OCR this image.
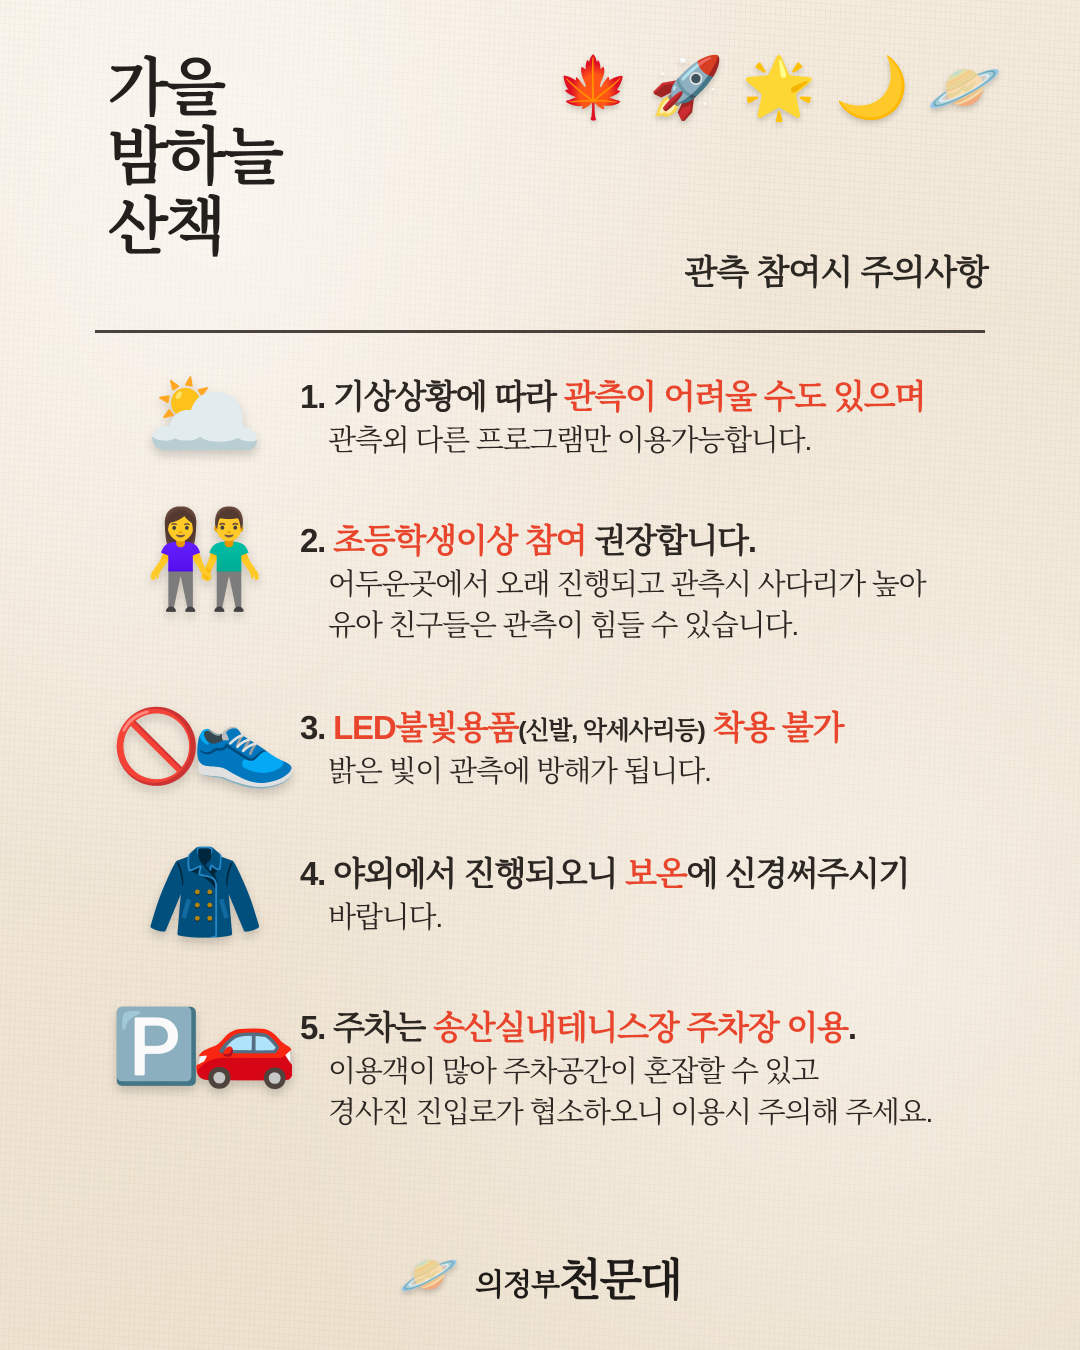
가을
밤하늘
산책
🍁 🚀 🌟 🌙 🪐
관측 참여시 주의사항
🌥️	1. 기상상황에 따라 관측이 어려울 수도 있으며
관측외 다른 프로그램만 이용가능합니다.
👫	2. 초등학생이상 참여 권장합니다.
어두운곳에서 오래 진행되고 관측시 사다리가 높아
유아 친구들은 관측이 힘들 수 있습니다.
🚫👟 3. LED불빛용품(신발, 악세사리등) 착용 불가
밝은 빛이 관측에 방해가 됩니다.
🧥	4. 야외에서 진행되오니 보온에 신경써주시기
바랍니다.
🅿️🚗 5. 주차는 송산실내테니스장 주차장 이용.
이용객이 많아 주차공간이 혼잡할 수 있고
경사진 진입로가 협소하오니 이용시 주의해 주세요.
🪐 의정부천문대
